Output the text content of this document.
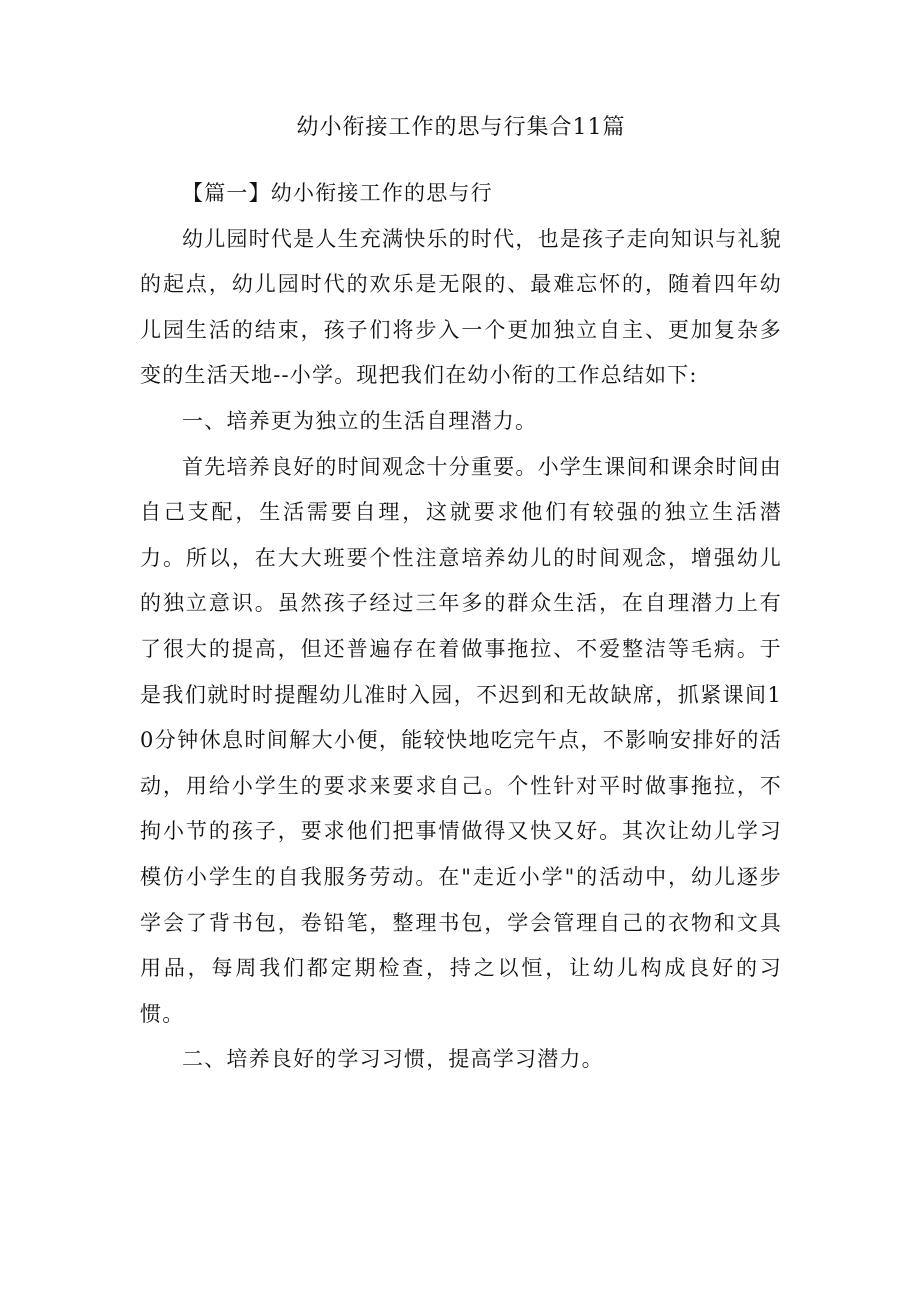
幼小衔接工作的思与行集合11篇
【篇一】幼小衔接工作的思与行

幼儿园时代是人生充满快乐的时代，也是孩子走向知识与礼貌的起点，幼儿园时代的欢乐是无限的、最难忘怀的，随着四年幼儿园生活的结束，孩子们将步入一个更加独立自主、更加复杂多变的生活天地--小学。现把我们在幼小衔的工作总结如下:

一、培养更为独立的生活自理潜力。

首先培养良好的时间观念十分重要。小学生课间和课余时间由自己支配，生活需要自理，这就要求他们有较强的独立生活潜力。所以，在大大班要个性注意培养幼儿的时间观念，增强幼儿的独立意识。虽然孩子经过三年多的群众生活，在自理潜力上有了很大的提高，但还普遍存在着做事拖拉、不爱整洁等毛病。于是我们就时时提醒幼儿准时入园，不迟到和无故缺席，抓紧课间10分钟休息时间解大小便，能较快地吃完午点，不影响安排好的活动，用给小学生的要求来要求自己。个性针对平时做事拖拉，不拘小节的孩子，要求他们把事情做得又快又好。其次让幼儿学习模仿小学生的自我服务劳动。在"走近小学"的活动中，幼儿逐步学会了背书包，卷铅笔，整理书包，学会管理自己的衣物和文具用品，每周我们都定期检查，持之以恒，让幼儿构成良好的习惯。

二、培养良好的学习习惯，提高学习潜力。
